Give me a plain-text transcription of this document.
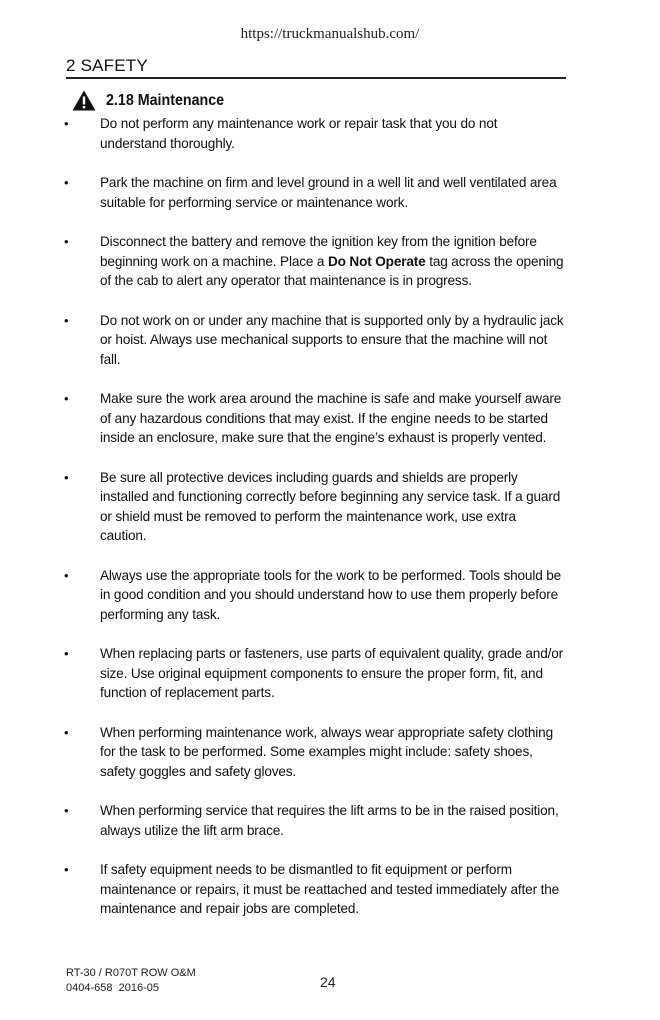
https://truckmanualshub.com/
2 SAFETY
2.18 Maintenance
•	Do not perform any maintenance work or repair task that you do not understand thoroughly.
•	Park the machine on firm and level ground in a well lit and well ventilated area suitable for performing service or maintenance work.
•	Disconnect the battery and remove the ignition key from the ignition before beginning work on a machine. Place a Do Not Operate tag across the opening of the cab to alert any operator that maintenance is in progress.
•	Do not work on or under any machine that is supported only by a hydraulic jack or hoist. Always use mechanical supports to ensure that the machine will not fall.
•	Make sure the work area around the machine is safe and make yourself aware of any hazardous conditions that may exist. If the engine needs to be started inside an enclosure, make sure that the engine’s exhaust is properly vented.
•	Be sure all protective devices including guards and shields are properly installed and functioning correctly before beginning any service task. If a guard or shield must be removed to perform the maintenance work, use extra caution.
•	Always use the appropriate tools for the work to be performed. Tools should be in good condition and you should understand how to use them properly before performing any task.
•	When replacing parts or fasteners, use parts of equivalent quality, grade and/or size. Use original equipment components to ensure the proper form, fit, and function of replacement parts.
•	When performing maintenance work, always wear appropriate safety clothing for the task to be performed. Some examples might include: safety shoes, safety goggles and safety gloves.
•	When performing service that requires the lift arms to be in the raised position, always utilize the lift arm brace.
•	If safety equipment needs to be dismantled to fit equipment or perform maintenance or repairs, it must be reattached and tested immediately after the maintenance and repair jobs are completed.
RT-30 / R070T ROW O&M
0404-658  2016-05	24
